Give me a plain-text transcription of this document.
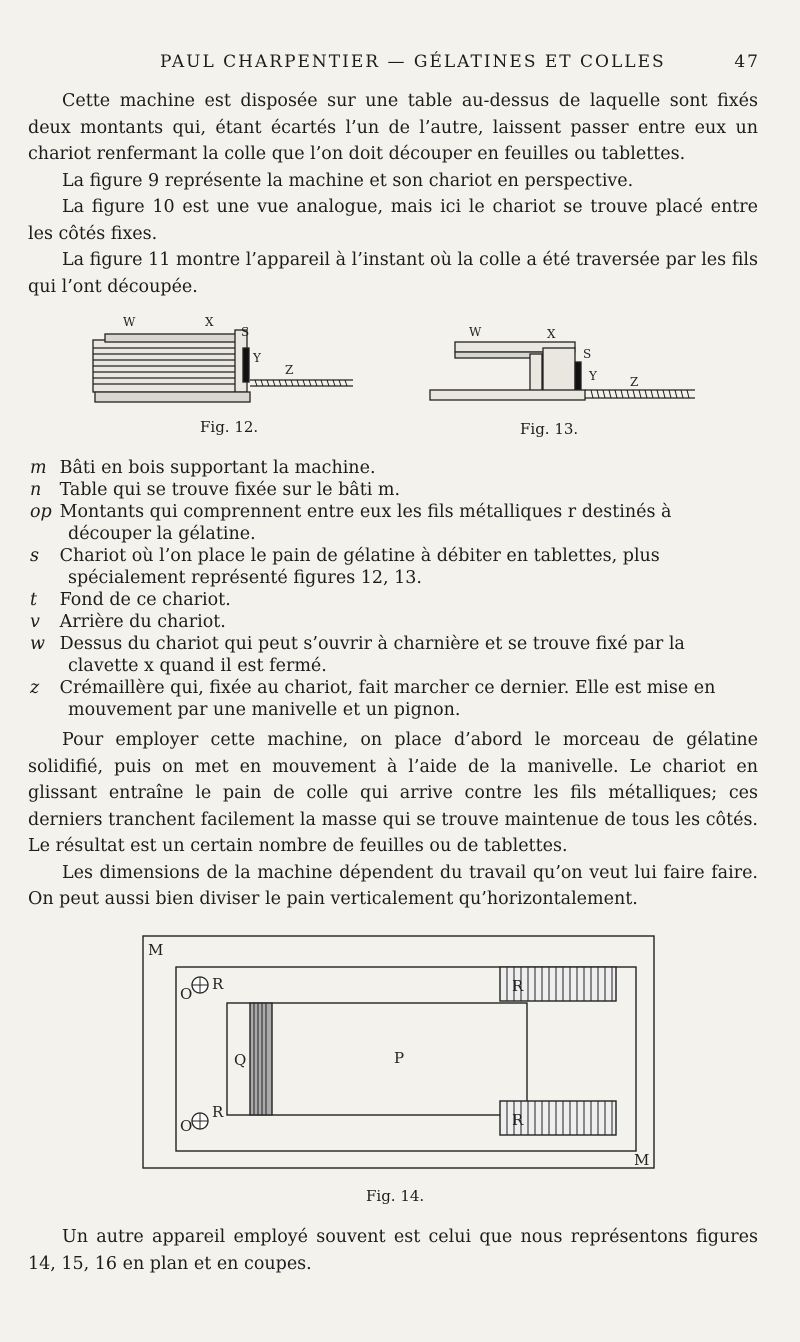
PAUL CHARPENTIER — GÉLATINES ET COLLES	47

Cette machine est disposée sur une table au-dessus de laquelle sont fixés deux montants qui, étant écartés l’un de l’autre, laissent passer entre eux un chariot renfermant la colle que l’on doit découper en feuilles ou tablettes.

La figure 9 représente la machine et son chariot en perspective.

La figure 10 est une vue analogue, mais ici le chariot se trouve placé entre les côtés fixes.

La figure 11 montre l’appareil à l’instant où la colle a été traversée par les fils qui l’ont découpée.

W	X
S
Y
Z
Fig. 12.
W	X
S
Y	Z
Fig. 13.

m Bâti en bois supportant la machine.

n Table qui se trouve fixée sur le bâti m.

op Montants qui comprennent entre eux les fils métalliques r destinés à découper la gélatine.

s Chariot où l’on place le pain de gélatine à débiter en tablettes, plus spécialement représenté figures 12, 13.

t Fond de ce chariot.

v Arrière du chariot.

w Dessus du chariot qui peut s’ouvrir à charnière et se trouve fixé par la clavette x quand il est fermé.

z Crémaillère qui, fixée au chariot, fait marcher ce dernier. Elle est mise en mouvement par une manivelle et un pignon.

Pour employer cette machine, on place d’abord le morceau de gélatine solidifié, puis on met en mouvement à l’aide de la manivelle. Le chariot en glissant entraîne le pain de colle qui arrive contre les fils métalliques; ces derniers tranchent facilement la masse qui se trouve maintenue de tous les côtés. Le résultat est un certain nombre de feuilles ou de tablettes.

Les dimensions de la machine dépendent du travail qu’on veut lui faire faire. On peut aussi bien diviser le pain verticalement qu’horizontalement.

M
M
R	R
R	R
O
O
Q	P
Fig. 14.

Un autre appareil employé souvent est celui que nous représentons figures 14, 15, 16 en plan et en coupes.
